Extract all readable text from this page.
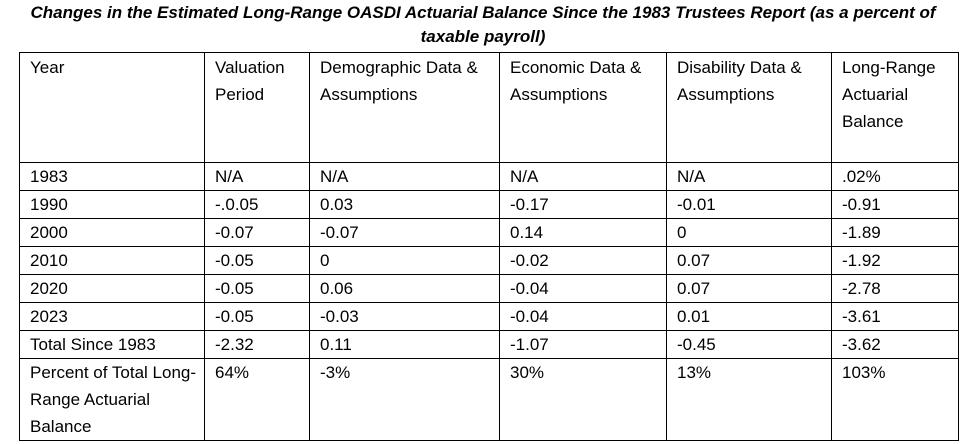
Changes in the Estimated Long-Range OASDI Actuarial Balance Since the 1983 Trustees Report (as a percent of taxable payroll)
Year	Valuation Period	Demographic Data & Assumptions	Economic Data & Assumptions	Disability Data & Assumptions	Long-Range Actuarial Balance
1983	N/A	N/A	N/A	N/A	.02%
1990	-.0.05	0.03	-0.17	-0.01	-0.91
2000	-0.07	-0.07	0.14	0	-1.89
2010	-0.05	0	-0.02	0.07	-1.92
2020	-0.05	0.06	-0.04	0.07	-2.78
2023	-0.05	-0.03	-0.04	0.01	-3.61
Total Since 1983	-2.32	0.11	-1.07	-0.45	-3.62
Percent of Total Long-Range Actuarial Balance	64%	-3%	30%	13%	103%
